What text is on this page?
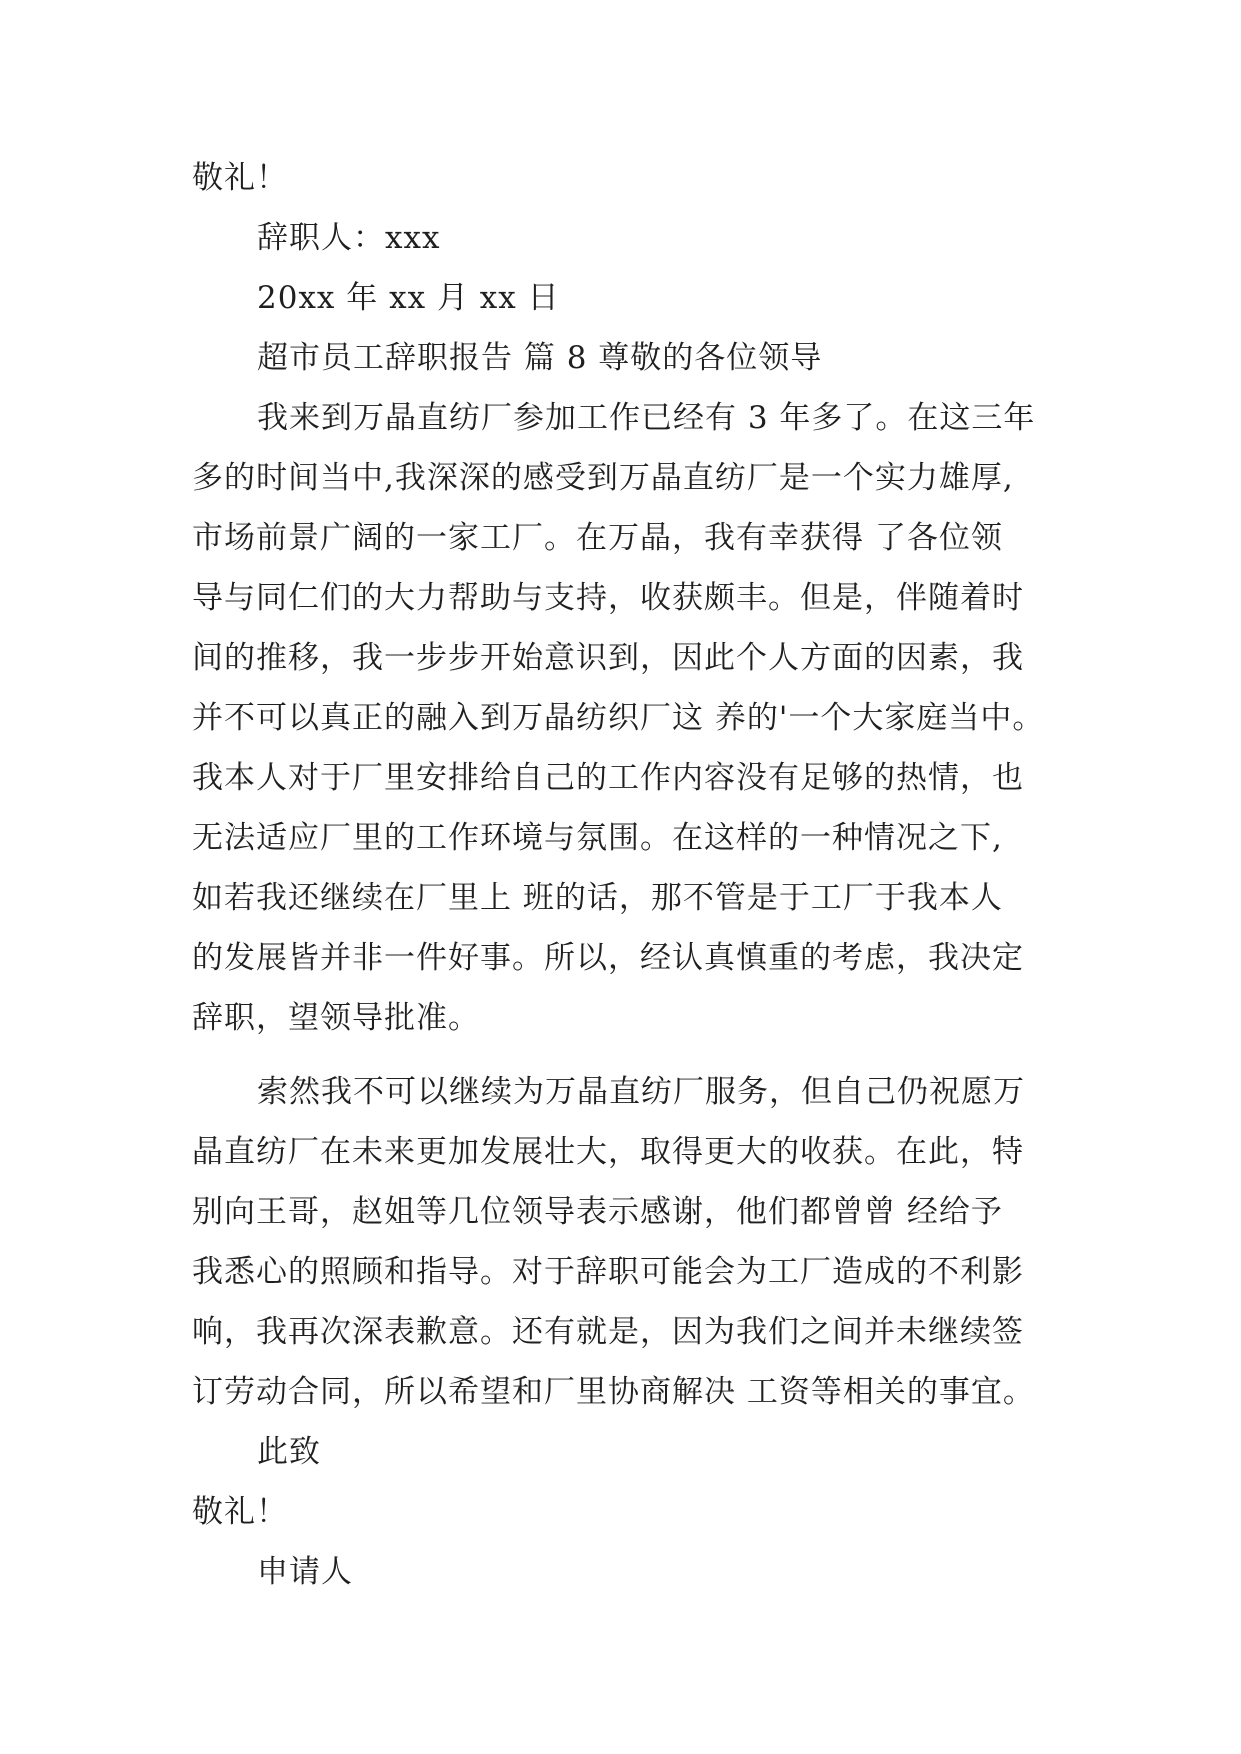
敬礼！
辞职人：xxx
20xx 年 xx 月 xx 日
超市员工辞职报告 篇 8 尊敬的各位领导
我来到万晶直纺厂参加工作已经有 3 年多了。在这三年
多的时间当中,我深深的感受到万晶直纺厂是一个实力雄厚,
市场前景广阔的一家工厂。在万晶，我有幸获得 了各位领
导与同仁们的大力帮助与支持，收获颇丰。但是，伴随着时
间的推移，我一步步开始意识到，因此个人方面的因素，我
并不可以真正的融入到万晶纺织厂这 养的'一个大家庭当中。
我本人对于厂里安排给自己的工作内容没有足够的热情，也
无法适应厂里的工作环境与氛围。在这样的一种情况之下,
如若我还继续在厂里上 班的话，那不管是于工厂于我本人
的发展皆并非一件好事。所以，经认真慎重的考虑，我决定
辞职，望领导批准。
索然我不可以继续为万晶直纺厂服务，但自己仍祝愿万
晶直纺厂在未来更加发展壮大，取得更大的收获。在此，特
别向王哥，赵姐等几位领导表示感谢，他们都曾曾 经给予
我悉心的照顾和指导。对于辞职可能会为工厂造成的不利影
响，我再次深表歉意。还有就是，因为我们之间并未继续签
订劳动合同，所以希望和厂里协商解决 工资等相关的事宜。
此致
敬礼！
申请人
